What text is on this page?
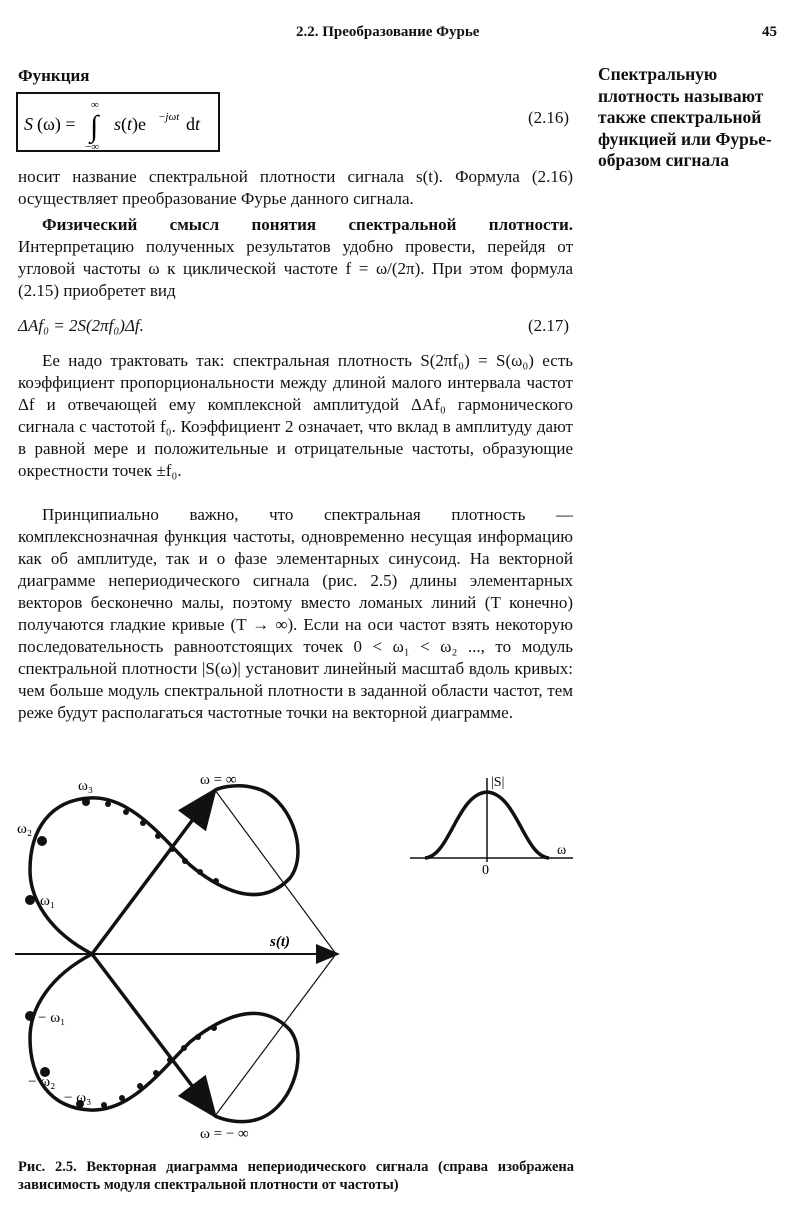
2.2. Преобразование Фурье	45
Спектральную плотность называют также спектральной функцией или Фурье-образом сигнала
Функция
S (ω) = ∫
∞
−∞
s(t)e −jωt dt	(2.16)

носит название спектральной плотности сигнала s(t). Формула (2.16) осуществляет преобразование Фурье данного сигнала.

Физический смысл понятия спектральной плотности. Интерпретацию полученных результатов удобно провести, перейдя от угловой частоты ω к циклической частоте f = ω/(2π). При этом формула (2.15) приобретет вид

ΔAf₀ = 2S(2πf₀)Δf.	(2.17)

Ее надо трактовать так: спектральная плотность S(2πf₀) = S(ω₀) есть коэффициент пропорциональности между длиной малого интервала частот Δf и отвечающей ему комплексной амплитудой ΔAf₀ гармонического сигнала с частотой f₀. Коэффициент 2 означает, что вклад в амплитуду дают в равной мере и положительные и отрицательные частоты, образующие окрестности точек ±f₀.

Принципиально важно, что спектральная плотность — комплекснозначная функция частоты, одновременно несущая информацию как об амплитуде, так и о фазе элементарных синусоид. На векторной диаграмме непериодического сигнала (рис. 2.5) длины элементарных векторов бесконечно малы, поэтому вместо ломаных линий (T конечно) получаются гладкие кривые (T → ∞). Если на оси частот взять некоторую последовательность равноотстоящих точек 0 < ω₁ < ω₂ ..., то модуль спектральной плотности |S(ω)| установит линейный масштаб вдоль кривых: чем больше модуль спектральной плотности в заданной области частот, тем реже будут располагаться частотные точки на векторной диаграмме.

ω = ∞
ω = − ∞
ω₁
ω₂
ω₃
− ω₁
− ω₂
− ω₃
s(t)
|S|
ω
0
Рис. 2.5. Векторная диаграмма непериодического сигнала (справа изображена зависимость модуля спектральной плотности от частоты)
